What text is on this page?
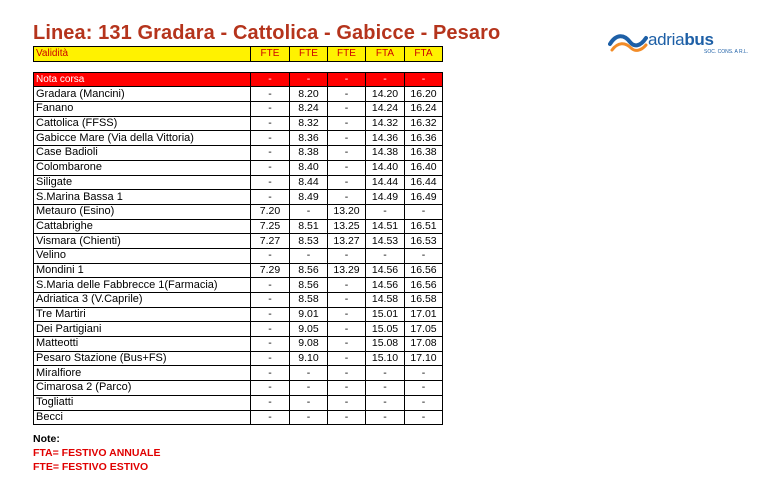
Linea: 131 Gradara - Cattolica - Gabicce - Pesaro	adriabus
SOC. CONS. A R.L.
Validità	FTE	FTE	FTE	FTA	FTA

Nota corsa	-	-	-	-	-
Gradara (Mancini)	-	8.20	-	14.20	16.20
Fanano	-	8.24	-	14.24	16.24
Cattolica (FFSS)	-	8.32	-	14.32	16.32
Gabicce Mare (Via della Vittoria)	-	8.36	-	14.36	16.36
Case Badioli	-	8.38	-	14.38	16.38
Colombarone	-	8.40	-	14.40	16.40
Siligate	-	8.44	-	14.44	16.44
S.Marina Bassa 1	-	8.49	-	14.49	16.49
Metauro (Esino)	7.20	-	13.20	-	-
Cattabrighe	7.25	8.51	13.25	14.51	16.51
Vismara (Chienti)	7.27	8.53	13.27	14.53	16.53
Velino	-	-	-	-	-
Mondini 1	7.29	8.56	13.29	14.56	16.56
S.Maria delle Fabbrecce 1(Farmacia)	-	8.56	-	14.56	16.56
Adriatica 3 (V.Caprile)	-	8.58	-	14.58	16.58
Tre Martiri	-	9.01	-	15.01	17.01
Dei Partigiani	-	9.05	-	15.05	17.05
Matteotti	-	9.08	-	15.08	17.08
Pesaro Stazione (Bus+FS)	-	9.10	-	15.10	17.10
Miralfiore	-	-	-	-	-
Cimarosa 2 (Parco)	-	-	-	-	-
Togliatti	-	-	-	-	-
Becci	-	-	-	-	-
Note:
FTA= FESTIVO ANNUALE
FTE= FESTIVO ESTIVO
